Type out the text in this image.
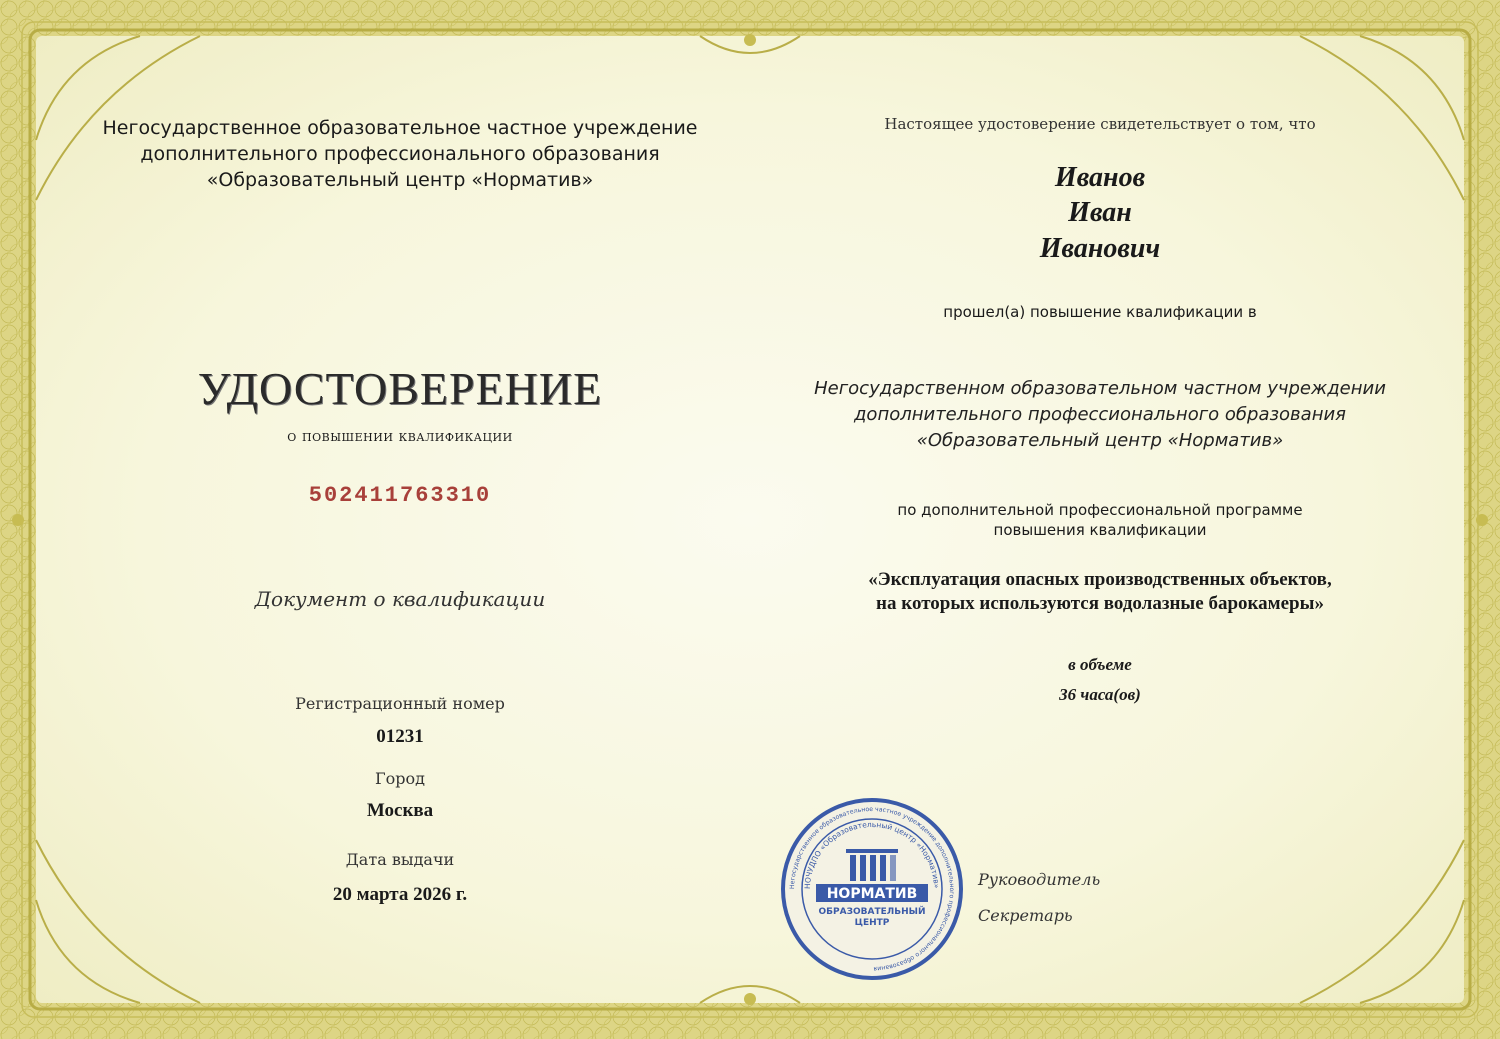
Негосударственное образовательное частное учреждение
дополнительного профессионального образования
«Образовательный центр «Норматив»
УДОСТОВЕРЕНИЕ
о повышении квалификации
502411763310
Документ о квалификации
Регистрационный номер
01231
Город
Москва
Дата выдачи
20 марта 2026 г.
Настоящее удостоверение свидетельствует о том, что
Иванов
Иван
Иванович
прошел(а) повышение квалификации в
Негосударственном образовательном частном учреждении
дополнительного профессионального образования
«Образовательный центр «Норматив»
по дополнительной профессиональной программе
повышения квалификации
«Эксплуатация опасных производственных объектов,
на которых используются водолазные барокамеры»
в объеме
36 часа(ов)
Руководитель
Секретарь
Негосударственное образовательное частное учреждение дополнительного профессионального образования
НОЧУДПО «Образовательный центр «Норматив»
НОРМАТИВ
ОБРАЗОВАТЕЛЬНЫЙ
ЦЕНТР
